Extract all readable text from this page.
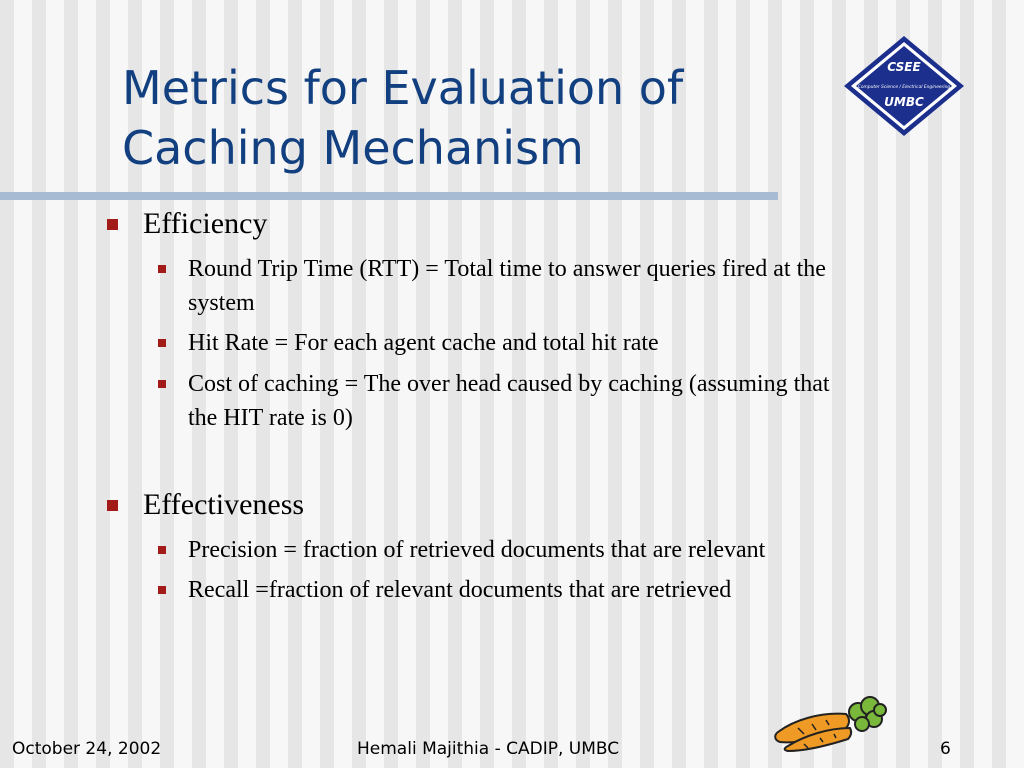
Metrics for Evaluation of
Caching Mechanism
CSEE
Computer Science / Electrical Engineering
UMBC
Efficiency
Round Trip Time (RTT) = Total time to answer queries fired at the
system
Hit Rate = For each agent cache and total hit rate
Cost of caching = The over head caused by caching (assuming that
the HIT rate is 0)
Effectiveness
Precision = fraction of retrieved documents that are relevant
Recall =fraction of relevant documents that are retrieved
October 24, 2002	Hemali Majithia - CADIP, UMBC	6
